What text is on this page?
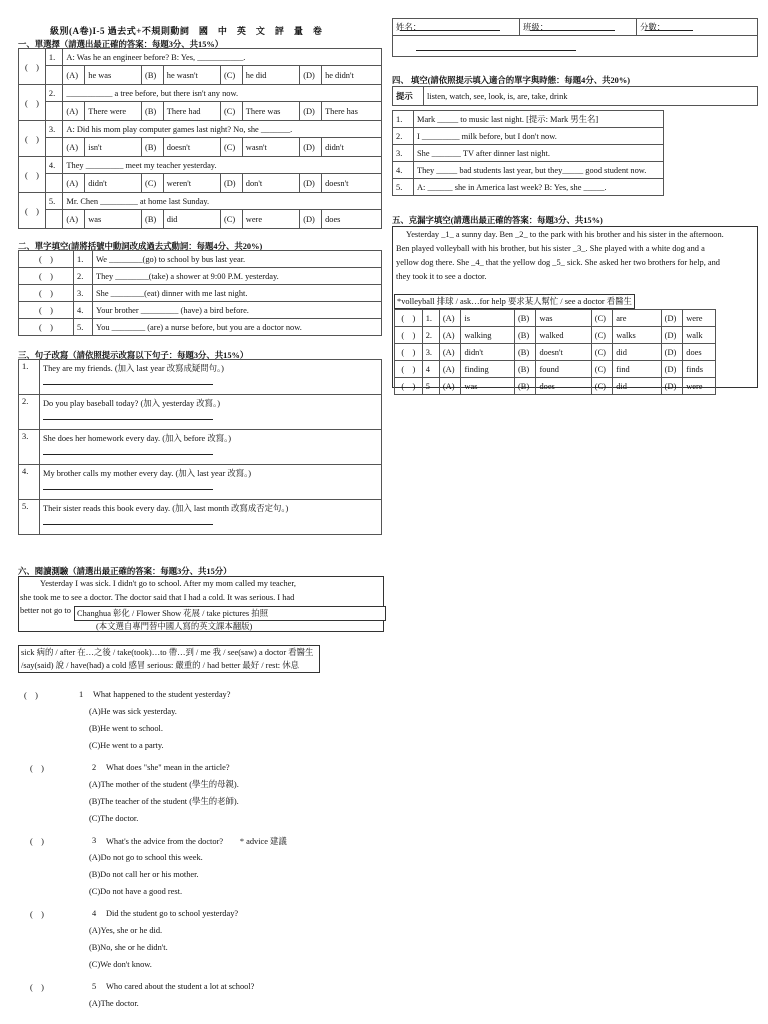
級別(A卷)I-5 過去式+不規則動詞　國　中　英　文　評　量　卷	姓名：	班級：	分數：

一、單選擇（請選出最正確的答案：每題3分、共15%）
(　)	1.	A: Was he an engineer before? B: Yes, ___________.							
		(A)	he was	(B)	he wasn't	(C)	he did	(D)	he didn't
(　)	2.	___________ a tree before, but there isn't any now.							
		(A)	There were	(B)	There had	(C)	There was	(D)	There has
(　)	3.	A: Did his mom play computer games last night? No, she _______.							
		(A)	isn't	(B)	doesn't	(C)	wasn't	(D)	didn't
(　)	4.	They _________ meet my teacher yesterday.							
		(A)	didn't	(C)	weren't	(D)	don't	(D)	doesn't
(　)	5.	Mr. Chen _________ at home last Sunday.							
		(A)	was	(B)	did	(C)	were	(D)	does
二、單字填空(請將括號中動詞改成過去式動詞：每題4分、共20%)
(　)	1.	We ________(go) to school by bus last year.
(　)	2.	They ________(take) a shower at 9:00 P.M. yesterday.
(　)	3.	She ________(eat) dinner with me last night.
(　)	4.	Your brother _________ (have) a bird before.
(　)	5.	You ________ (are) a nurse before, but you are a doctor now.
三、句子改寫（請依照提示改寫以下句子：每題3分、共15%）
1.	They are my friends. (加入 last year 改寫成疑問句。)

2.	Do you play baseball today? (加入 yesterday 改寫。)

3.	She does her homework every day. (加入 before 改寫。)

4.	My brother calls my mother every day. (加入 last year 改寫。)

5.	Their sister reads this book every day. (加入 last month 改寫成否定句。)
四、 填空(請依照提示填入適合的單字與時態：每題4分、共20%)
提示	listen, watch, see, look, is, are, take, drink
1.	Mark _____ to music last night. [提示: Mark 男生名]
2.	I _________ milk before, but I don't now.
3.	She _______ TV after dinner last night.
4.	They _____ bad students last year, but they_____ good student now.
5.	A: ______ she in America last week? B: Yes, she _____.
五、克漏字填空(請選出最正確的答案：每題3分、共15%)
Yesterday _1_ a sunny day. Ben _2_ to the park with his brother and his sister in the afternoon.
Ben played volleyball with his brother, but his sister _3_. She played with a white dog and a
yellow dog there. She _4_ that the yellow dog _5_ sick. She asked her two brothers for help, and
they took it to see a doctor.
*volleyball 排球 / ask…for help 要求某人幫忙 / see a doctor 看醫生
(　)	1.	(A)	is	(B)	was	(C)	are	(D)	were
(　)	2.	(A)	walking	(B)	walked	(C)	walks	(D)	walk
(　)	3.	(A)	didn't	(B)	doesn't	(C)	did	(D)	does
(　)	4	(A)	finding	(B)	found	(C)	find	(D)	finds
(　)	5	(A)	was	(B)	does	(C)	did	(D)	were
六、閱讀測驗（請選出最正確的答案：每題3分、共15分）
Yesterday I was sick. I didn't go to school. After my mom called my teacher,
she took me to see a doctor. The doctor said that I had a cold. It was serious. I had
better not go to Changhua 彰化 / Flower Show 花展 / take pictures 拍照
(本文選自專門替中國人寫的英文課本翻版)
sick 病的 / after 在…之後 / take(took)…to 帶…到 / me 我 / see(saw) a doctor 看醫生
/say(said) 說 / have(had) a cold 感冒 serious: 嚴重的 / had better 最好 / rest: 休息
(　)	1	What happened to the student yesterday?
(A)He was sick yesterday.
(B)He went to school.
(C)He went to a party.
(　)	2	What does "she" mean in the article?
(A)The mother of the student (學生的母親).
(B)The teacher of the student (學生的老師).
(C)The doctor.
(　)	3	What's the advice from the doctor?　　* advice 建議
(A)Do not go to school this week.
(B)Do not call her or his mother.
(C)Do not have a good rest.
(　)	4	Did the student go to school yesterday?
(A)Yes, she or he did.
(B)No, she or he didn't.
(C)We don't know.
(　)	5	Who cared about the student a lot at school?
(A)The doctor.
